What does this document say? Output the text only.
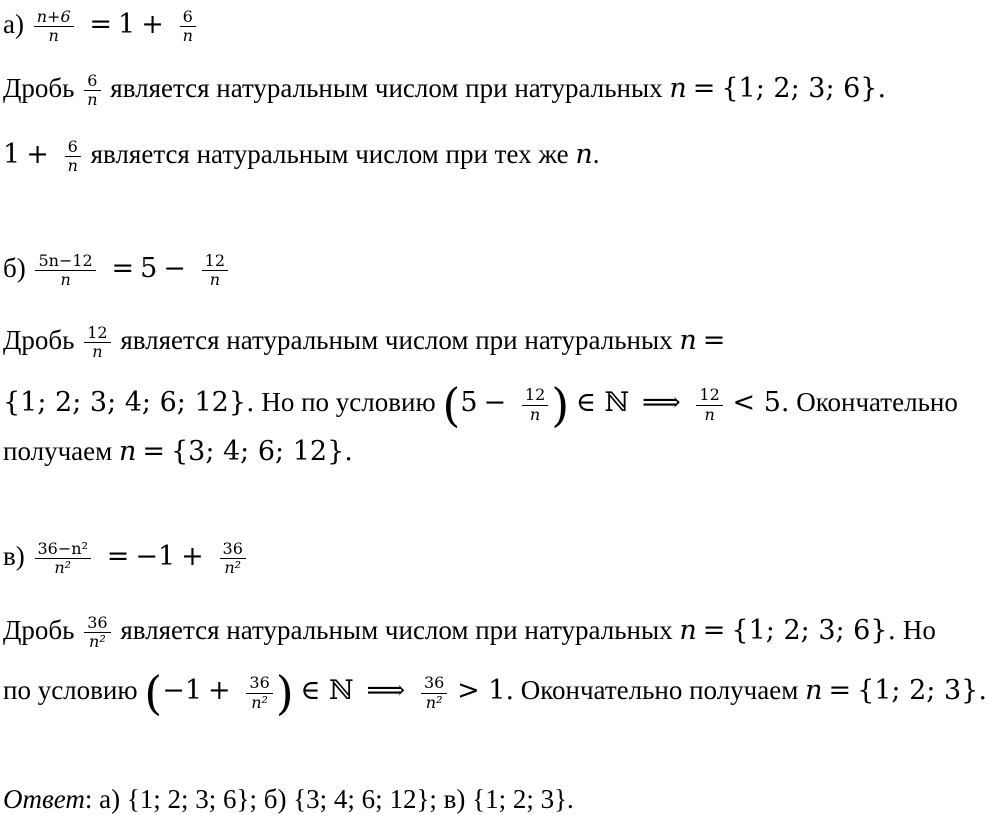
$а) \frac{n+6}{n} = 1 + \frac{6}{n}$
Дробь $\frac{6}{n}$ является натуральным числом при натуральных n = {1; 2; 3; 6}.
$1 + \frac{6}{n}$ является натуральным числом при тех же n.
$б) \frac{5n-12}{n} = 5 - \frac{12}{n}$
Дробь $\frac{12}{n}$ является натуральным числом при натуральных n =
{1; 2; 3; 4; 6; 12}. Но по условию ($5 - \frac{12}{n}$ ) ∈ ℕ ⟹ $\frac{12}{n} < 5$. Окончательно
получаем n = {3; 4; 6; 12}.
$в) \frac{\text{36−n²}}{\text{n²}} = -1 + \frac{36}{\text{n²}}$
Дробь $\frac{36}{\text{n²}}$ является натуральным числом при натуральных n = {1; 2; 3; 6}. Но
по условию ($-1 + \frac{36}{\text{n²}}$ ) ∈ ℕ ⟹ $\frac{36}{\text{n²}} > 1$. Окончательно получаем n = {1; 2; 3}.
Ответ: а) {1; 2; 3; 6}; б) {3; 4; 6; 12}; в) {1; 2; 3}.
